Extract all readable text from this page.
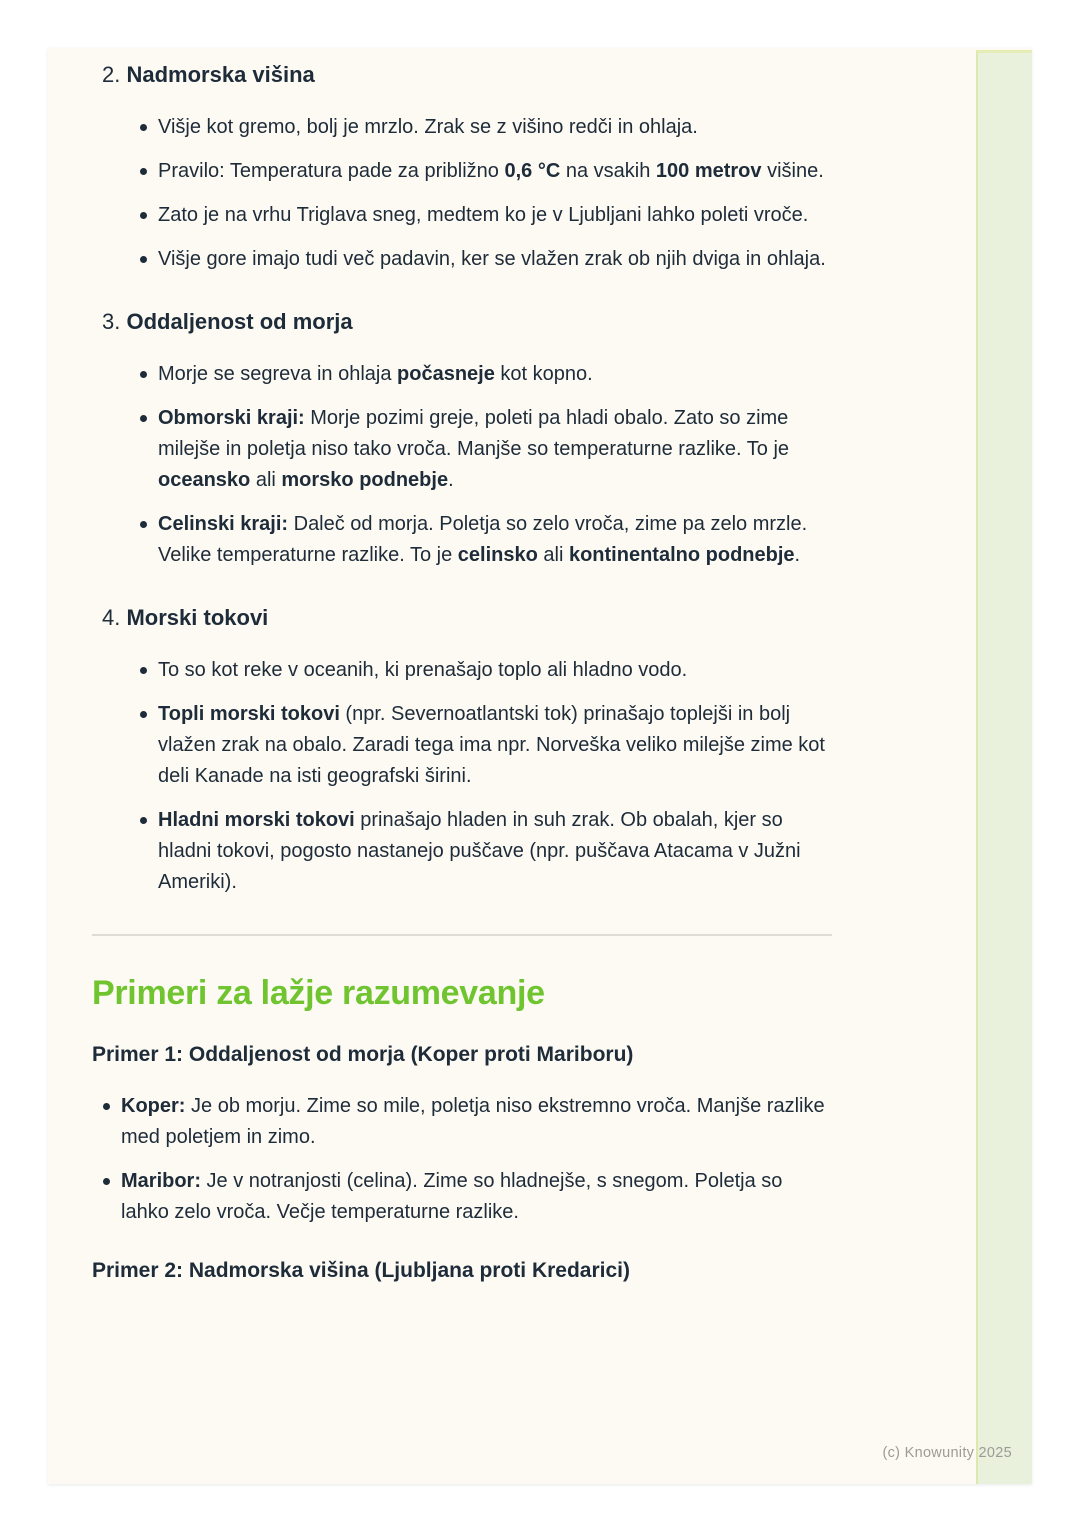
2. Nadmorska višina
Višje kot gremo, bolj je mrzlo. Zrak se z višino redči in ohlaja.
Pravilo: Temperatura pade za približno 0,6 °C na vsakih 100 metrov višine.
Zato je na vrhu Triglava sneg, medtem ko je v Ljubljani lahko poleti vroče.
Višje gore imajo tudi več padavin, ker se vlažen zrak ob njih dviga in ohlaja.
3. Oddaljenost od morja
Morje se segreva in ohlaja počasneje kot kopno.
Obmorski kraji: Morje pozimi greje, poleti pa hladi obalo. Zato so zime milejše in poletja niso tako vroča. Manjše so temperaturne razlike. To je oceansko ali morsko podnebje.
Celinski kraji: Daleč od morja. Poletja so zelo vroča, zime pa zelo mrzle. Velike temperaturne razlike. To je celinsko ali kontinentalno podnebje.
4. Morski tokovi
To so kot reke v oceanih, ki prenašajo toplo ali hladno vodo.
Topli morski tokovi (npr. Severnoatlantski tok) prinašajo toplejši in bolj vlažen zrak na obalo. Zaradi tega ima npr. Norveška veliko milejše zime kot deli Kanade na isti geografski širini.
Hladni morski tokovi prinašajo hladen in suh zrak. Ob obalah, kjer so hladni tokovi, pogosto nastanejo puščave (npr. puščava Atacama v Južni Ameriki).
Primeri za lažje razumevanje
Primer 1: Oddaljenost od morja (Koper proti Mariboru)
Koper: Je ob morju. Zime so mile, poletja niso ekstremno vroča. Manjše razlike med poletjem in zimo.
Maribor: Je v notranjosti (celina). Zime so hladnejše, s snegom. Poletja so lahko zelo vroča. Večje temperaturne razlike.
Primer 2: Nadmorska višina (Ljubljana proti Kredarici)
(c) Knowunity 2025
